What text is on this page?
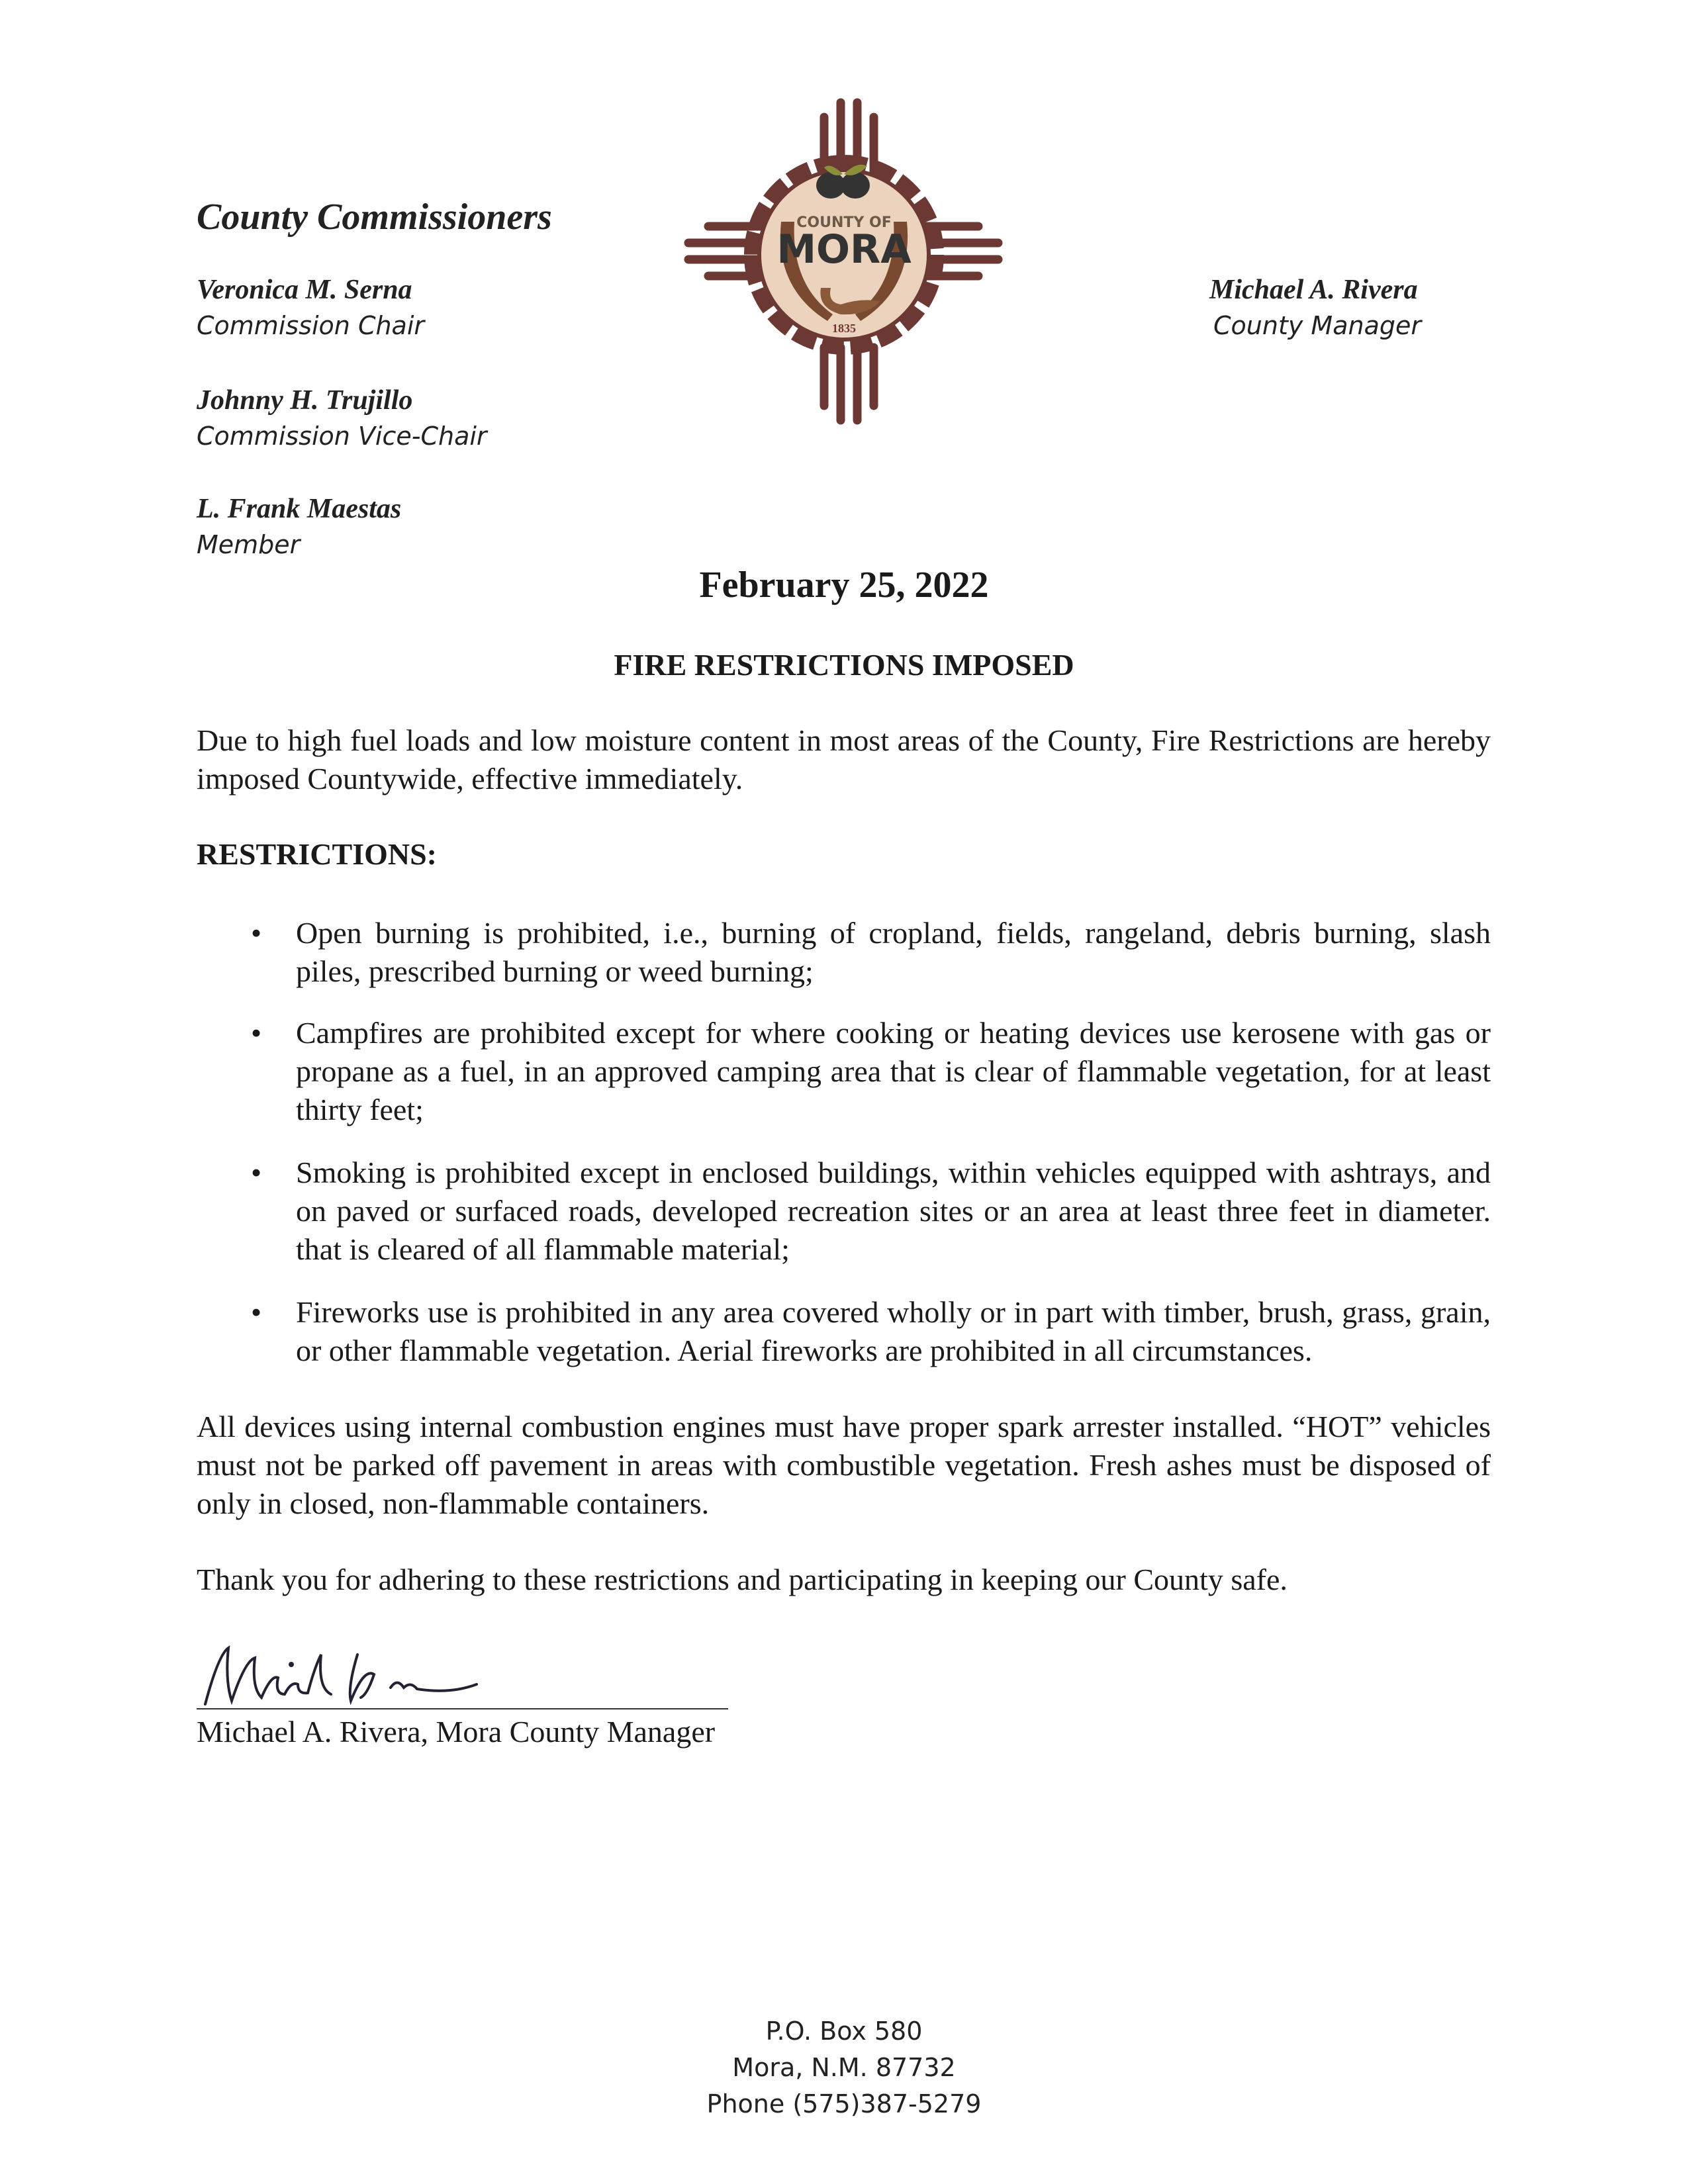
County Commissioners
Veronica M. Serna
Commission Chair
Johnny H. Trujillo
Commission Vice-Chair
L. Frank Maestas
Member
Michael A. Rivera
County Manager
COUNTY OF
MORA
1835
February 25, 2022
FIRE RESTRICTIONS IMPOSED
Due to high fuel loads and low moisture content in most areas of the County, Fire Restrictions are hereby imposed Countywide, effective immediately.
RESTRICTIONS:
• Open burning is prohibited, i.e., burning of cropland, fields, rangeland, debris burning, slash piles, prescribed burning or weed burning;
• Campfires are prohibited except for where cooking or heating devices use kerosene with gas or propane as a fuel, in an approved camping area that is clear of flammable vegetation, for at least thirty feet;
• Smoking is prohibited except in enclosed buildings, within vehicles equipped with ashtrays, and on paved or surfaced roads, developed recreation sites or an area at least three feet in diameter. that is cleared of all flammable material;
• Fireworks use is prohibited in any area covered wholly or in part with timber, brush, grass, grain, or other flammable vegetation. Aerial fireworks are prohibited in all circumstances.
All devices using internal combustion engines must have proper spark arrester installed. “HOT” vehicles must not be parked off pavement in areas with combustible vegetation. Fresh ashes must be disposed of only in closed, non-flammable containers.
Thank you for adhering to these restrictions and participating in keeping our County safe.
Michael A. Rivera, Mora County Manager
P.O. Box 580
Mora, N.M. 87732
Phone (575)387-5279
